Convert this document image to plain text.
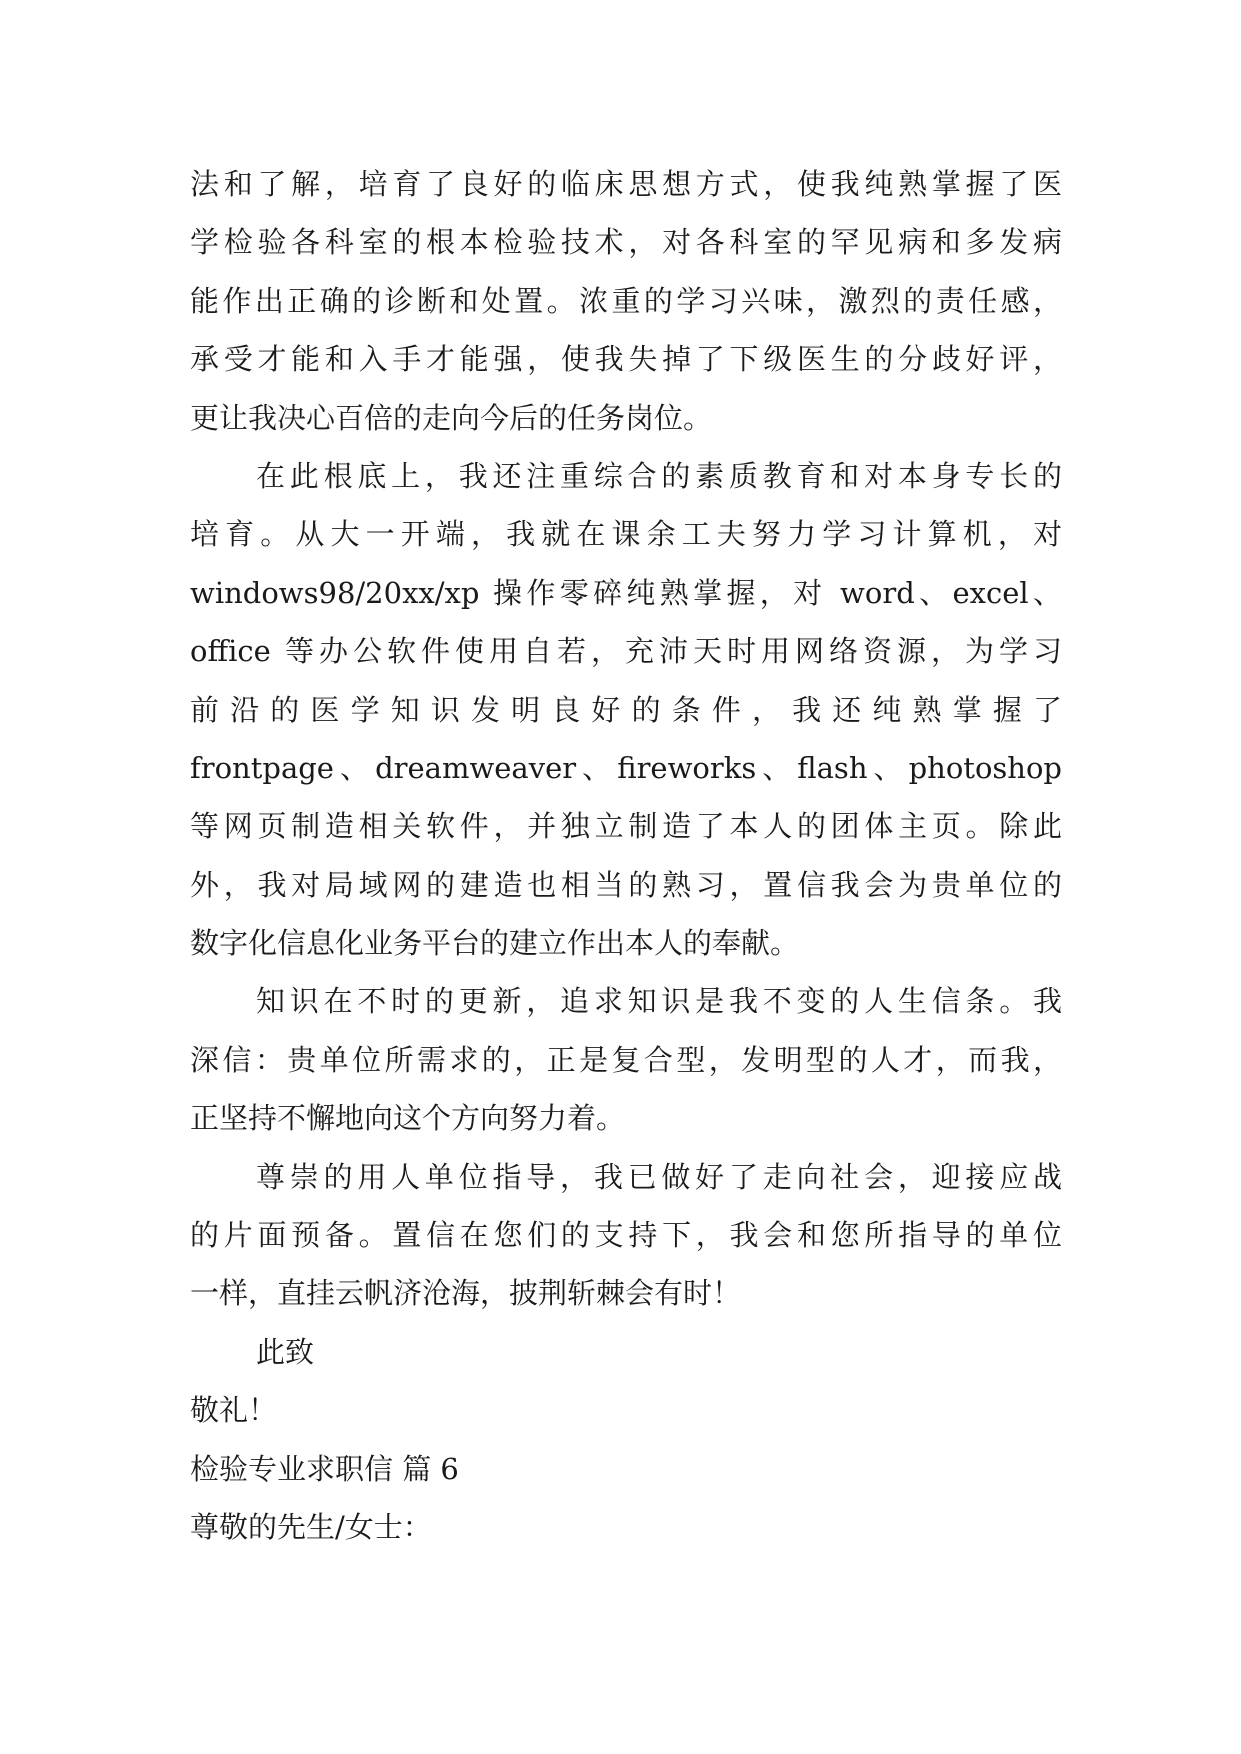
法和了解，培育了良好的临床思想方式，使我纯熟掌握了医
学检验各科室的根本检验技术，对各科室的罕见病和多发病
能作出正确的诊断和处置。浓重的学习兴味，激烈的责任感，
承受才能和入手才能强，使我失掉了下级医生的分歧好评，
更让我决心百倍的走向今后的任务岗位。
在此根底上，我还注重综合的素质教育和对本身专长的
培育。从大一开端，我就在课余工夫努力学习计算机，对
windows98/20xx/xp 操作零碎纯熟掌握，对 word、excel、
office 等办公软件使用自若，充沛天时用网络资源，为学习
前沿的医学知识发明良好的条件，我还纯熟掌握了
frontpage、dreamweaver、fireworks、flash、photoshop
等网页制造相关软件，并独立制造了本人的团体主页。除此
外，我对局域网的建造也相当的熟习，置信我会为贵单位的
数字化信息化业务平台的建立作出本人的奉献。
知识在不时的更新，追求知识是我不变的人生信条。我
深信：贵单位所需求的，正是复合型，发明型的人才，而我，
正坚持不懈地向这个方向努力着。
尊崇的用人单位指导，我已做好了走向社会，迎接应战
的片面预备。置信在您们的支持下，我会和您所指导的单位
一样，直挂云帆济沧海，披荆斩棘会有时！
此致
敬礼！
检验专业求职信 篇 6
尊敬的先生/女士：
